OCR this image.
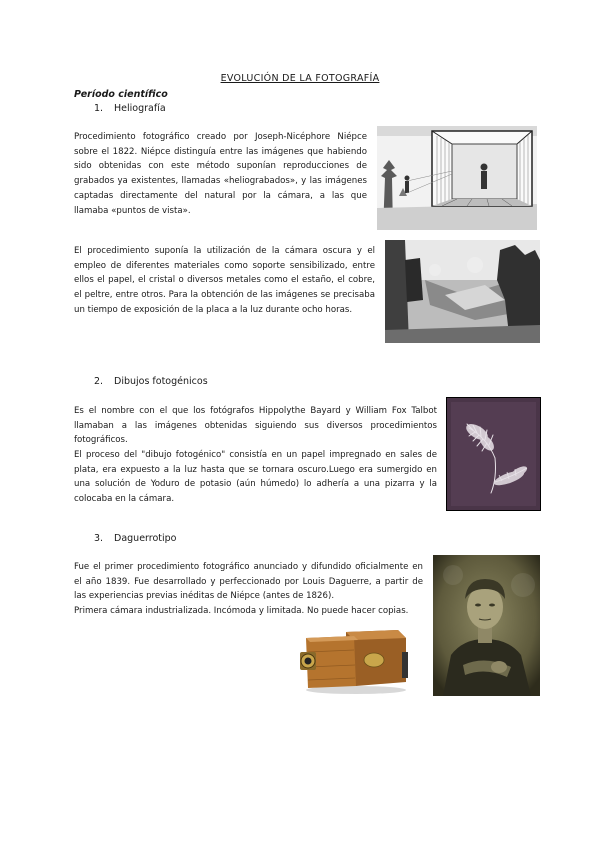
EVOLUCIÓN DE LA FOTOGRAFÍA
Período científico
1. Heliografía
Procedimiento fotográfico creado por Joseph-Nicéphore Niépce sobre el 1822. Niépce distinguía entre las imágenes que habiendo sido obtenidas con este método suponían reproducciones de grabados ya existentes, llamadas «heliograbados», y las imágenes captadas directamente del natural por la cámara, a las que llamaba «puntos de vista».
El procedimiento suponía la utilización de la cámara oscura y el empleo de diferentes materiales como soporte sensibilizado, entre ellos el papel, el cristal o diversos metales como el estaño, el cobre, el peltre, entre otros. Para la obtención de las imágenes se precisaba un tiempo de exposición de la placa a la luz durante ocho horas.
2. Dibujos fotogénicos
Es el nombre con el que los fotógrafos Hippolythe Bayard y William Fox Talbot llamaban a las imágenes obtenidas siguiendo sus diversos procedimientos fotográficos.
El proceso del "dibujo fotogénico" consistía en un papel impregnado en sales de plata, era expuesto a la luz hasta que se tornara oscuro.Luego era sumergido en una solución de Yoduro de potasio (aún húmedo) lo adhería a una pizarra y la colocaba en la cámara.
3. Daguerrotipo
Fue el primer procedimiento fotográfico anunciado y difundido oficialmente en el año 1839. Fue desarrollado y perfeccionado por Louis Daguerre, a partir de las experiencias previas inéditas de Niépce (antes de 1826).
Primera cámara industrializada. Incómoda y limitada. No puede hacer copias.
